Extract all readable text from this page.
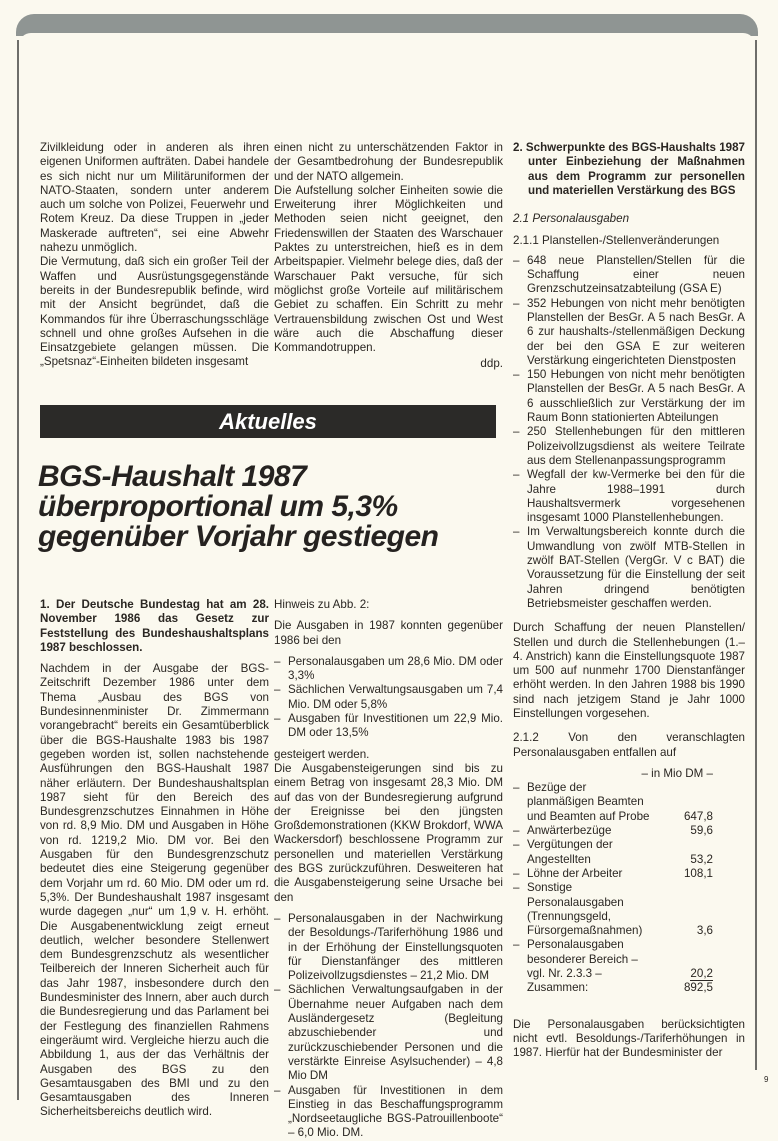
Zivilkleidung oder in anderen als ihren eigenen Uniformen aufträten. Dabei handele es sich nicht nur um Militäruniformen der NATO-Staaten, sondern unter anderem auch um solche von Polizei, Feuerwehr und Rotem Kreuz. Da diese Truppen in „jeder Maskerade auftreten“, sei eine Abwehr nahezu unmöglich.

Die Vermutung, daß sich ein großer Teil der Waffen und Ausrüstungsgegenstände bereits in der Bundesrepublik befinde, wird mit der Ansicht begründet, daß die Kommandos für ihre Überraschungsschläge schnell und ohne großes Aufsehen in die Einsatzgebiete gelangen müssen. Die „Spetsnaz“-Einheiten bildeten insgesamt

einen nicht zu unterschätzenden Faktor in der Gesamtbedrohung der Bundesrepublik und der NATO allgemein.

Die Aufstellung solcher Einheiten sowie die Erweiterung ihrer Möglichkeiten und Methoden seien nicht geeignet, den Friedenswillen der Staaten des Warschauer Paktes zu unterstreichen, hieß es in dem Arbeitspapier. Vielmehr belege dies, daß der Warschauer Pakt versuche, für sich möglichst große Vorteile auf militärischem Gebiet zu schaffen. Ein Schritt zu mehr Vertrauensbildung zwischen Ost und West wäre auch die Abschaffung dieser Kommandotruppen.

ddp.

Aktuelles
BGS-Haushalt 1987
überproportional um 5,3%
gegenüber Vorjahr gestiegen

1. Der Deutsche Bundestag hat am 28. November 1986 das Gesetz zur Feststellung des Bundeshaushaltsplans 1987 beschlossen.

Nachdem in der Ausgabe der BGS-Zeitschrift Dezember 1986 unter dem Thema „Ausbau des BGS von Bundesinnenminister Dr. Zimmermann vorangebracht“ bereits ein Gesamtüberblick über die BGS-Haushalte 1983 bis 1987 gegeben worden ist, sollen nachstehende Ausführungen den BGS-Haushalt 1987 näher erläutern. Der Bundeshaushaltsplan 1987 sieht für den Bereich des Bundesgrenzschutzes Einnahmen in Höhe von rd. 8,9 Mio. DM und Ausgaben in Höhe von rd. 1219,2 Mio. DM vor. Bei den Ausgaben für den Bundesgrenzschutz bedeutet dies eine Steigerung gegenüber dem Vorjahr um rd. 60 Mio. DM oder um rd. 5,3%. Der Bundeshaushalt 1987 insgesamt wurde dagegen „nur“ um 1,9 v. H. erhöht. Die Ausgabenentwicklung zeigt erneut deutlich, welcher besondere Stellenwert dem Bundesgrenzschutz als wesentlicher Teilbereich der Inneren Sicherheit auch für das Jahr 1987, insbesondere durch den Bundesminister des Innern, aber auch durch die Bundesregierung und das Parlament bei der Festlegung des finanziellen Rahmens eingeräumt wird. Vergleiche hierzu auch die Abbildung 1, aus der das Verhältnis der Ausgaben des BGS zu den Gesamtausgaben des BMI und zu den Gesamtausgaben des Inneren Sicherheitsbereichs deutlich wird.

Hinweis zu Abb. 2:

Die Ausgaben in 1987 konnten gegenüber 1986 bei den

– Personalausgaben um 28,6 Mio. DM oder 3,3%
– Sächlichen Verwaltungsausgaben um 7,4 Mio. DM oder 5,8%
– Ausgaben für Investitionen um 22,9 Mio. DM oder 13,5%

gesteigert werden.

Die Ausgabensteigerungen sind bis zu einem Betrag von insgesamt 28,3 Mio. DM auf das von der Bundesregierung aufgrund der Ereignisse bei den jüngsten Großdemonstrationen (KKW Brokdorf, WWA Wackersdorf) beschlossene Programm zur personellen und materiellen Verstärkung des BGS zurückzuführen. Desweiteren hat die Ausgabensteigerung seine Ursache bei den

– Personalausgaben in der Nachwirkung der Besoldungs-/Tariferhöhung 1986 und in der Erhöhung der Einstellungsquoten für Dienstanfänger des mittleren Polizeivollzugsdienstes – 21,2 Mio. DM
– Sächlichen Verwaltungsaufgaben in der Übernahme neuer Aufgaben nach dem Ausländergesetz (Begleitung abzuschiebender und zurückzuschiebender Personen und die verstärkte Einreise Asylsuchender) – 4,8 Mio DM
– Ausgaben für Investitionen in dem Einstieg in das Beschaffungsprogramm „Nordseetaugliche BGS-Patrouillenboote“ – 6,0 Mio. DM.

2. Schwerpunkte des BGS-Haushalts 1987 unter Einbeziehung der Maßnahmen aus dem Programm zur personellen und materiellen Verstärkung des BGS

2.1 Personalausgaben

2.1.1 Planstellen-/Stellenveränderungen

– 648 neue Planstellen/Stellen für die Schaffung einer neuen Grenzschutzeinsatzabteilung (GSA E)
– 352 Hebungen von nicht mehr benötigten Planstellen der BesGr. A 5 nach BesGr. A 6 zur haushalts-/stellenmäßigen Deckung der bei den GSA E zur weiteren Verstärkung eingerichteten Dienstposten
– 150 Hebungen von nicht mehr benötigten Planstellen der BesGr. A 5 nach BesGr. A 6 ausschließlich zur Verstärkung der im Raum Bonn stationierten Abteilungen
– 250 Stellenhebungen für den mittleren Polizeivollzugsdienst als weitere Teilrate aus dem Stellenanpassungsprogramm
– Wegfall der kw-Vermerke bei den für die Jahre 1988–1991 durch Haushaltsvermerk vorgesehenen insgesamt 1000 Planstellenhebungen.
– Im Verwaltungsbereich konnte durch die Umwandlung von zwölf MTB-Stellen in zwölf BAT-Stellen (VergGr. V c BAT) die Voraussetzung für die Einstellung der seit Jahren dringend benötigten Betriebsmeister geschaffen werden.

Durch Schaffung der neuen Planstellen/ Stellen und durch die Stellenhebungen (1.–4. Anstrich) kann die Einstellungsquote 1987 um 500 auf nunmehr 1700 Dienstanfänger erhöht werden. In den Jahren 1988 bis 1990 sind nach jetzigem Stand je Jahr 1000 Einstellungen vorgesehen.

2.1.2 Von den veranschlagten Personalausgaben entfallen auf

– in Mio DM –
– Bezüge der planmäßigen Beamten und Beamten auf Probe	647,8
– Anwärterbezüge	59,6
– Vergütungen der Angestellten	53,2
– Löhne der Arbeiter	108,1
– Sonstige Personalausgaben (Trennungsgeld, Fürsorgemaßnahmen)	3,6
– Personalausgaben besonderer Bereich – vgl. Nr. 2.3.3 –	20,2
Zusammen:	892,5

Die Personalausgaben berücksichtigten nicht evtl. Besoldungs-/Tariferhöhungen in 1987. Hierfür hat der Bundesminister der

9
